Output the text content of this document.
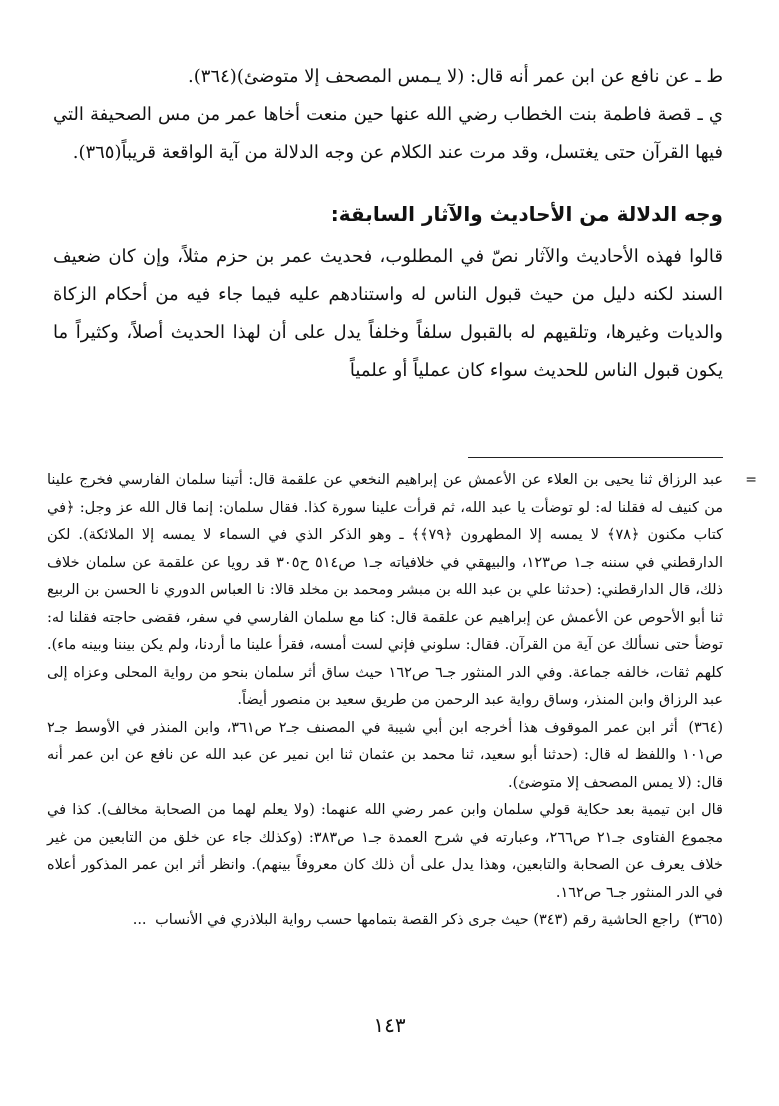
ط ـ عن نافع عن ابن عمر أنه قال: (لا يـمس المصحف إلا متوضئ)(٣٦٤).

ي ـ قصة فاطمة بنت الخطاب رضي الله عنها حين منعت أخاها عمر من مس الصحيفة التي فيها القرآن حتى يغتسل، وقد مرت عند الكلام عن وجه الدلالة من آية الواقعة قريباً(٣٦٥).

وجه الدلالة من الأحاديث والآثار السابقة:

قالوا فهذه الأحاديث والآثار نصّ في المطلوب، فحديث عمر بن حزم مثلاً، وإن كان ضعيف السند لكنه دليل من حيث قبول الناس له واستنادهم عليه فيما جاء فيه من أحكام الزكاة والديات وغيرها، وتلقيهم له بالقبول سلفاً وخلفاً يدل على أن لهذا الحديث أصلاً، وكثيراً ما يكون قبول الناس للحديث سواء كان عملياً أو علمياً

=
عبد الرزاق ثنا يحيى بن العلاء عن الأعمش عن إبراهيم النخعي عن علقمة قال: أتينا سلمان الفارسي فخرج علينا من كنيف له فقلنا له: لو توضأت يا عبد الله، ثم قرأت علينا سورة كذا. فقال سلمان: إنما قال الله عز وجل: ﴿في كتاب مكنون ﴿٧٨﴾ لا يمسه إلا المطهرون ﴿٧٩﴾﴾ ـ وهو الذكر الذي في السماء لا يمسه إلا الملائكة). لكن الدارقطني في سننه جـ١ ص١٢٣، والبيهقي في خلافياته جـ١ ص٥١٤ ح٣٠٥ قد رويا عن علقمة عن سلمان خلاف ذلك، قال الدارقطني: (حدثنا علي بن عبد الله بن مبشر ومحمد بن مخلد قالا: نا العباس الدوري نا الحسن بن الربيع ثنا أبو الأحوص عن الأعمش عن إبراهيم عن علقمة قال: كنا مع سلمان الفارسي في سفر، فقضى حاجته فقلنا له: توضأ حتى نسألك عن آية من القرآن. فقال: سلوني فإني لست أمسه، فقرأ علينا ما أردنا، ولم يكن بيننا وبينه ماء). كلهم ثقات، خالفه جماعة. وفي الدر المنثور جـ٦ ص١٦٢ حيث ساق أثر سلمان بنحو من رواية المحلى وعزاه إلى عبد الرزاق وابن المنذر، وساق رواية عبد الرحمن من طريق سعيد بن منصور أيضاً.

(٣٦٤) أثر ابن عمر الموقوف هذا أخرجه ابن أبي شيبة في المصنف جـ٢ ص٣٦١، وابن المنذر في الأوسط جـ٢ ص١٠١ واللفظ له قال: (حدثنا أبو سعيد، ثنا محمد بن عثمان ثنا ابن نمير عن عبد الله عن نافع عن ابن عمر أنه قال: (لا يمس المصحف إلا متوضئ).

قال ابن تيمية بعد حكاية قولي سلمان وابن عمر رضي الله عنهما: (ولا يعلم لهما من الصحابة مخالف). كذا في مجموع الفتاوى جـ٢١ ص٢٦٦، وعبارته في شرح العمدة جـ١ ص٣٨٣: (وكذلك جاء عن خلق من التابعين من غير خلاف يعرف عن الصحابة والتابعين، وهذا يدل على أن ذلك كان معروفاً بينهم). وانظر أثر ابن عمر المذكور أعلاه في الدر المنثور جـ٦ ص١٦٢.

(٣٦٥) راجع الحاشية رقم (٣٤٣) حيث جرى ذكر القصة بتمامها حسب رواية البلاذري في الأنساب ...

١٤٣
